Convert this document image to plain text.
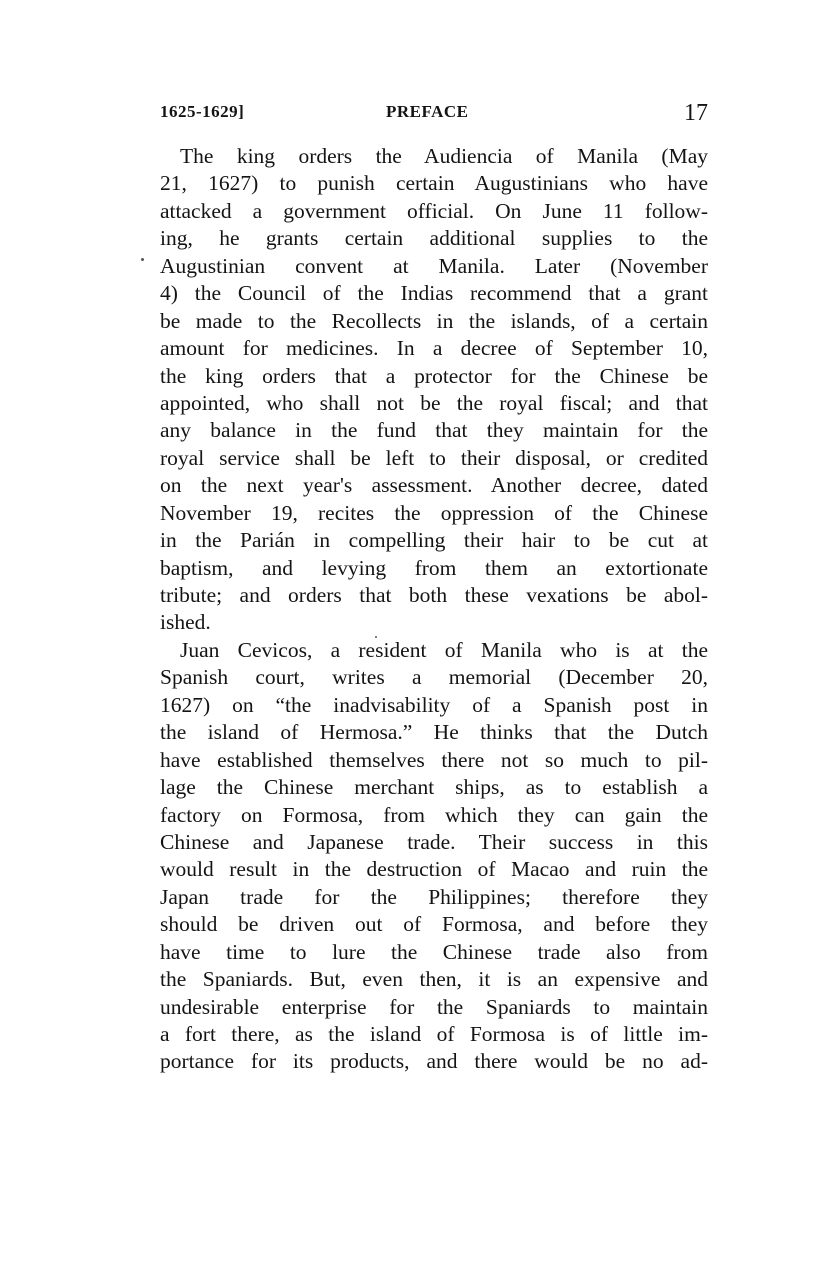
1625-1629]	PREFACE	17
The king orders the Audiencia of Manila (May
21, 1627) to punish certain Augustinians who have
attacked a government official. On June 11 follow-
ing, he grants certain additional supplies to the
Augustinian convent at Manila. Later (November
4) the Council of the Indias recommend that a grant
be made to the Recollects in the islands, of a certain
amount for medicines. In a decree of September 10,
the king orders that a protector for the Chinese be
appointed, who shall not be the royal fiscal; and that
any balance in the fund that they maintain for the
royal service shall be left to their disposal, or credited
on the next year's assessment. Another decree, dated
November 19, recites the oppression of the Chinese
in the Parián in compelling their hair to be cut at
baptism, and levying from them an extortionate
tribute; and orders that both these vexations be abol-
ished.
Juan Cevicos, a resident of Manila who is at the
Spanish court, writes a memorial (December 20,
1627) on “the inadvisability of a Spanish post in
the island of Hermosa.” He thinks that the Dutch
have established themselves there not so much to pil-
lage the Chinese merchant ships, as to establish a
factory on Formosa, from which they can gain the
Chinese and Japanese trade. Their success in this
would result in the destruction of Macao and ruin the
Japan trade for the Philippines; therefore they
should be driven out of Formosa, and before they
have time to lure the Chinese trade also from
the Spaniards. But, even then, it is an expensive and
undesirable enterprise for the Spaniards to maintain
a fort there, as the island of Formosa is of little im-
portance for its products, and there would be no ad-
